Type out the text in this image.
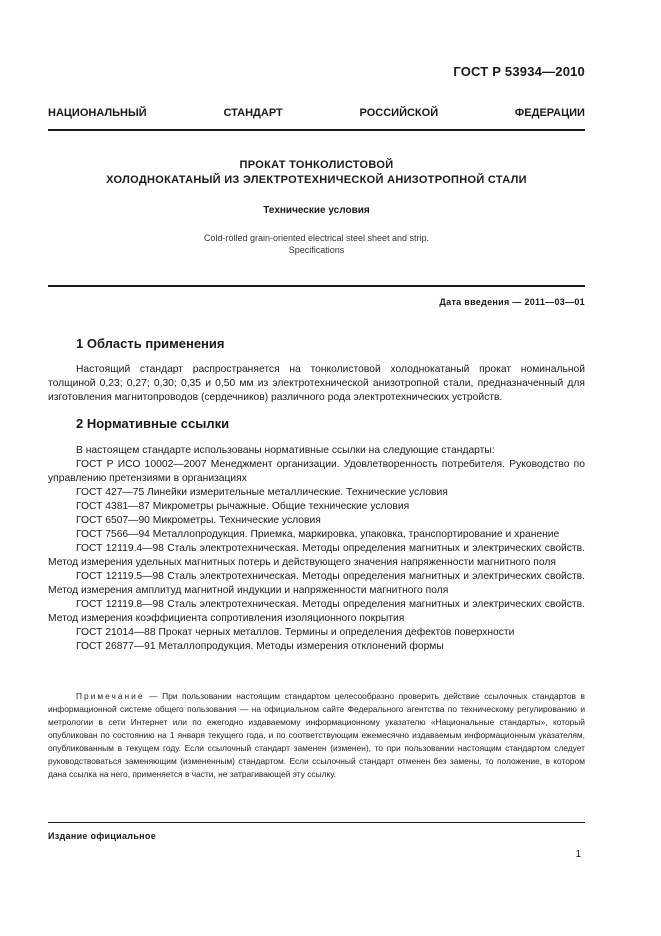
ГОСТ Р 53934—2010
НАЦИОНАЛЬНЫЙ	СТАНДАРТ	РОССИЙСКОЙ	ФЕДЕРАЦИИ
ПРОКАТ ТОНКОЛИСТОВОЙ
ХОЛОДНОКАТАНЫЙ ИЗ ЭЛЕКТРОТЕХНИЧЕСКОЙ АНИЗОТРОПНОЙ СТАЛИ
Технические условия
Cold-rolled grain-oriented electrical steel sheet and strip.
Specifications
Дата введения — 2011—03—01
1 Область применения

Настоящий стандарт распространяется на тонколистовой холоднокатаный прокат номинальной толщиной 0,23; 0,27; 0,30; 0,35 и 0,50 мм из электротехнической анизотропной стали, предназначенный для изготовления магнитопроводов (сердечников) различного рода электротехнических устройств.

2 Нормативные ссылки

В настоящем стандарте использованы нормативные ссылки на следующие стандарты:

ГОСТ Р ИСО 10002—2007 Менеджмент организации. Удовлетворенность потребителя. Руководство по управлению претензиями в организациях

ГОСТ 427—75 Линейки измерительные металлические. Технические условия

ГОСТ 4381—87 Микрометры рычажные. Общие технические условия

ГОСТ 6507—90 Микрометры. Технические условия

ГОСТ 7566—94 Металлопродукция. Приемка, маркировка, упаковка, транспортирование и хранение

ГОСТ 12119.4—98 Сталь электротехническая. Методы определения магнитных и электрических свойств. Метод измерения удельных магнитных потерь и действующего значения напряженности магнитного поля

ГОСТ 12119.5—98 Сталь электротехническая. Методы определения магнитных и электрических свойств. Метод измерения амплитуд магнитной индукции и напряженности магнитного поля

ГОСТ 12119.8—98 Сталь электротехническая. Методы определения магнитных и электрических свойств. Метод измерения коэффициента сопротивления изоляционного покрытия

ГОСТ 21014—88 Прокат черных металлов. Термины и определения дефектов поверхности

ГОСТ 26877—91 Металлопродукция. Методы измерения отклонений формы

Примечание — При пользовании настоящим стандартом целесообразно проверить действие ссылочных стандартов в информационной системе общего пользования — на официальном сайте Федерального агентства по техническому регулированию и метрологии в сети Интернет или по ежегодно издаваемому информационному указателю «Национальные стандарты», который опубликован по состоянию на 1 января текущего года, и по соответствующим ежемесячно издаваемым информационным указателям, опубликованным в текущем году. Если ссылочный стандарт заменен (изменен), то при пользовании настоящим стандартом следует руководствоваться заменяющим (измененным) стандартом. Если ссылочный стандарт отменен без замены, то положение, в котором дана ссылка на него, применяется в части, не затрагивающей эту ссылку.

Издание официальное
1
